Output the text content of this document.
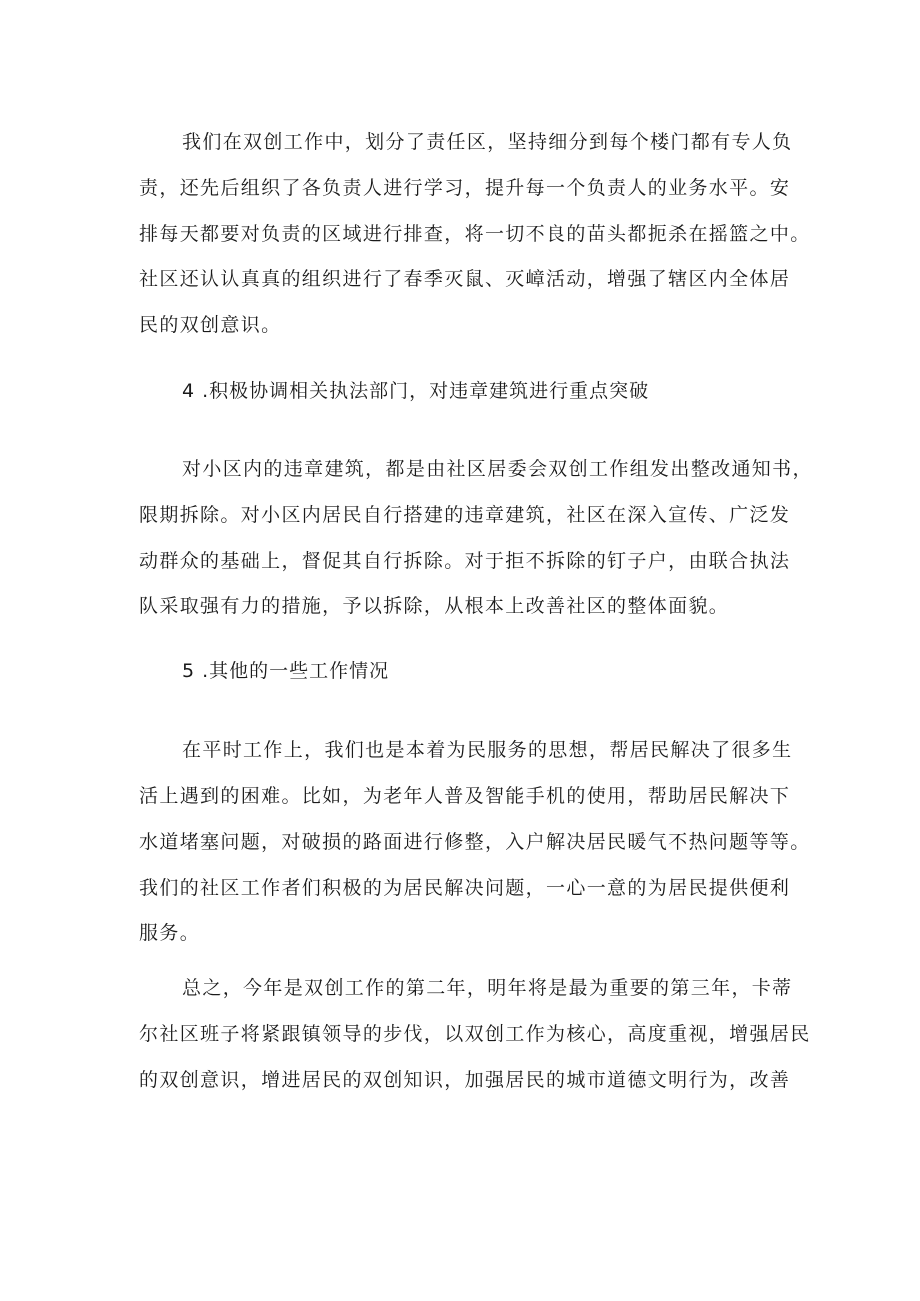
我们在双创工作中，划分了责任区，坚持细分到每个楼门都有专人负
责，还先后组织了各负责人进行学习，提升每一个负责人的业务水平。安
排每天都要对负责的区域进行排查，将一切不良的苗头都扼杀在摇篮之中。
社区还认认真真的组织进行了春季灭鼠、灭嶂活动，增强了辖区内全体居
民的双创意识。
4 .积极协调相关执法部门，对违章建筑进行重点突破
对小区内的违章建筑，都是由社区居委会双创工作组发出整改通知书，
限期拆除。对小区内居民自行搭建的违章建筑，社区在深入宣传、广泛发
动群众的基础上，督促其自行拆除。对于拒不拆除的钉子户，由联合执法
队采取强有力的措施，予以拆除，从根本上改善社区的整体面貌。
5 .其他的一些工作情况
在平时工作上，我们也是本着为民服务的思想，帮居民解决了很多生
活上遇到的困难。比如，为老年人普及智能手机的使用，帮助居民解决下
水道堵塞问题，对破损的路面进行修整，入户解决居民暖气不热问题等等。
我们的社区工作者们积极的为居民解决问题，一心一意的为居民提供便利
服务。
总之，今年是双创工作的第二年，明年将是最为重要的第三年，卡蒂
尔社区班子将紧跟镇领导的步伐，以双创工作为核心，高度重视，增强居民
的双创意识，增进居民的双创知识，加强居民的城市道德文明行为，改善
